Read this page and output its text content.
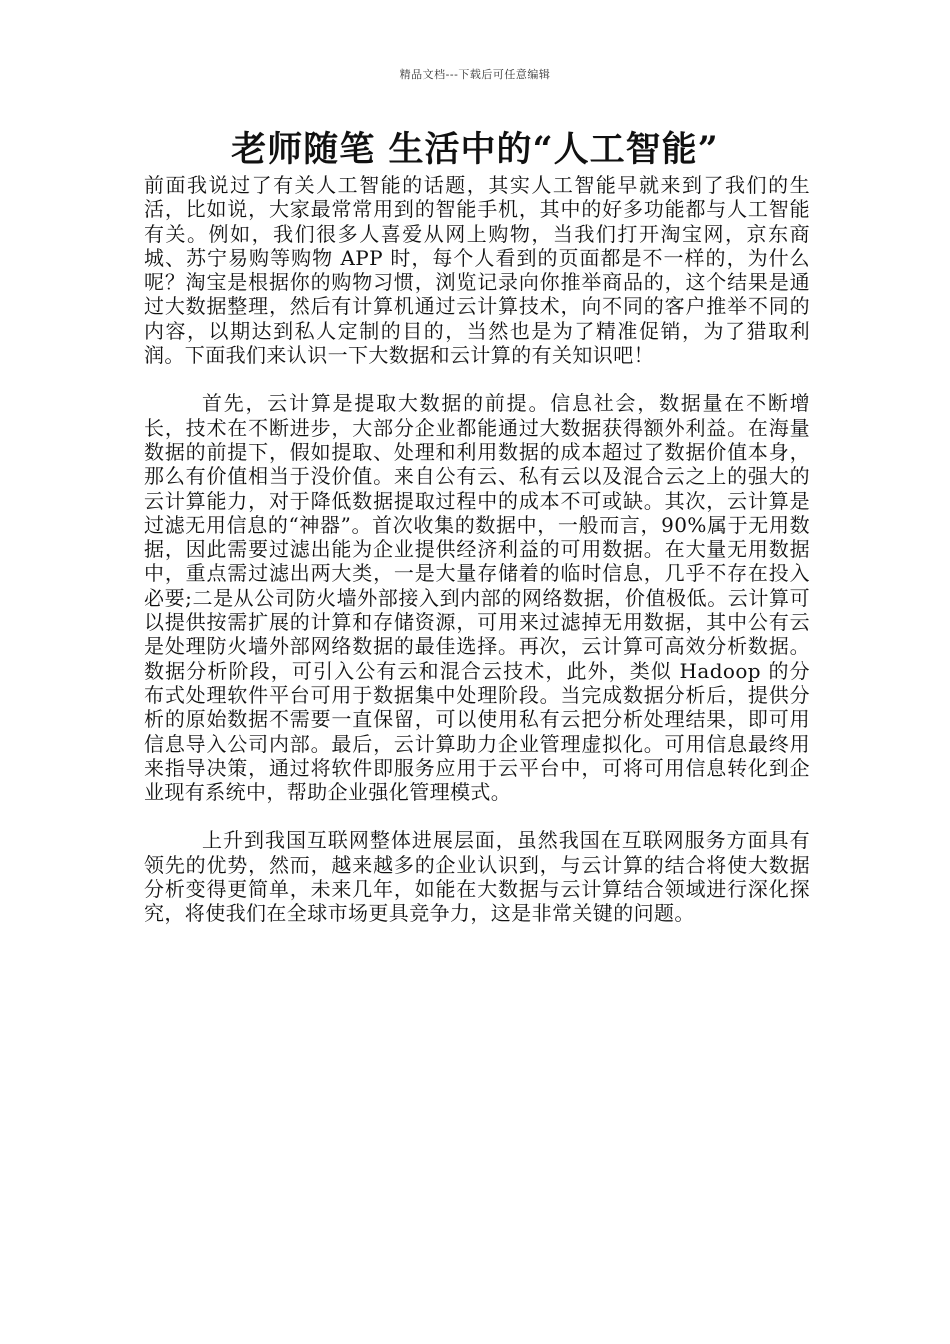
精品文档---下载后可任意编辑
老师随笔 生活中的“人工智能”

前面我说过了有关人工智能的话题，其实人工智能早就来到了我们的生活，比如说，大家最常常用到的智能手机，其中的好多功能都与人工智能有关。例如，我们很多人喜爱从网上购物，当我们打开淘宝网，京东商城、苏宁易购等购物 APP 时，每个人看到的页面都是不一样的，为什么呢？淘宝是根据你的购物习惯，浏览记录向你推举商品的，这个结果是通过大数据整理，然后有计算机通过云计算技术，向不同的客户推举不同的内容，以期达到私人定制的目的，当然也是为了精准促销，为了猎取利润。下面我们来认识一下大数据和云计算的有关知识吧！

首先，云计算是提取大数据的前提。信息社会，数据量在不断增长，技术在不断进步，大部分企业都能通过大数据获得额外利益。在海量数据的前提下，假如提取、处理和利用数据的成本超过了数据价值本身，那么有价值相当于没价值。来自公有云、私有云以及混合云之上的强大的云计算能力，对于降低数据提取过程中的成本不可或缺。其次，云计算是过滤无用信息的“神器”。首次收集的数据中，一般而言，90%属于无用数据，因此需要过滤出能为企业提供经济利益的可用数据。在大量无用数据中，重点需过滤出两大类，一是大量存储着的临时信息，几乎不存在投入必要;二是从公司防火墙外部接入到内部的网络数据，价值极低。云计算可以提供按需扩展的计算和存储资源，可用来过滤掉无用数据，其中公有云是处理防火墙外部网络数据的最佳选择。再次，云计算可高效分析数据。数据分析阶段，可引入公有云和混合云技术，此外，类似 Hadoop 的分布式处理软件平台可用于数据集中处理阶段。当完成数据分析后，提供分析的原始数据不需要一直保留，可以使用私有云把分析处理结果，即可用信息导入公司内部。最后，云计算助力企业管理虚拟化。可用信息最终用来指导决策，通过将软件即服务应用于云平台中，可将可用信息转化到企业现有系统中，帮助企业强化管理模式。

上升到我国互联网整体进展层面，虽然我国在互联网服务方面具有领先的优势，然而，越来越多的企业认识到，与云计算的结合将使大数据分析变得更简单，未来几年，如能在大数据与云计算结合领域进行深化探究，将使我们在全球市场更具竞争力，这是非常关键的问题。
